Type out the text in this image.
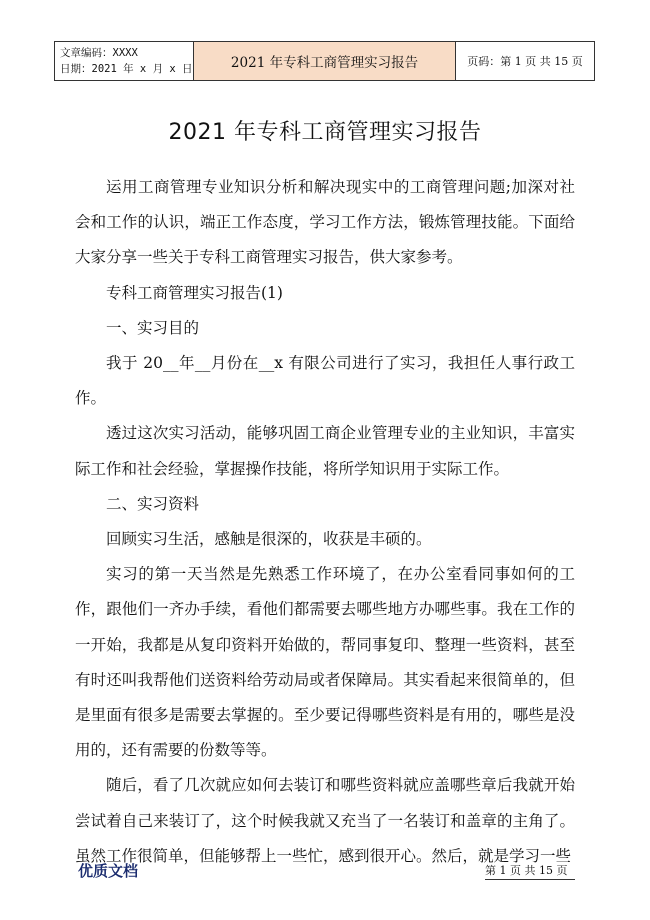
文章编码：XXXX
日期：2021 年 x 月 x 日	2021 年专科工商管理实习报告	页码：第 1 页 共 15 页
2021 年专科工商管理实习报告

运用工商管理专业知识分析和解决现实中的工商管理问题;加深对社会和工作的认识，端正工作态度，学习工作方法，锻炼管理技能。下面给大家分享一些关于专科工商管理实习报告，供大家参考。

专科工商管理实习报告(1)

一、实习目的

我于 20__年__月份在__x 有限公司进行了实习，我担任人事行政工作。

透过这次实习活动，能够巩固工商企业管理专业的主业知识，丰富实际工作和社会经验，掌握操作技能，将所学知识用于实际工作。

二、实习资料

回顾实习生活，感触是很深的，收获是丰硕的。

实习的第一天当然是先熟悉工作环境了，在办公室看同事如何的工作，跟他们一齐办手续，看他们都需要去哪些地方办哪些事。我在工作的一开始，我都是从复印资料开始做的，帮同事复印、整理一些资料，甚至有时还叫我帮他们送资料给劳动局或者保障局。其实看起来很简单的，但是里面有很多是需要去掌握的。至少要记得哪些资料是有用的，哪些是没用的，还有需要的份数等等。

随后，看了几次就应如何去装订和哪些资料就应盖哪些章后我就开始尝试着自己来装订了，这个时候我就又充当了一名装订和盖章的主角了。虽然工作很简单，但能够帮上一些忙，感到很开心。然后，就是学习一些

优质文档	第 1 页 共 15 页
